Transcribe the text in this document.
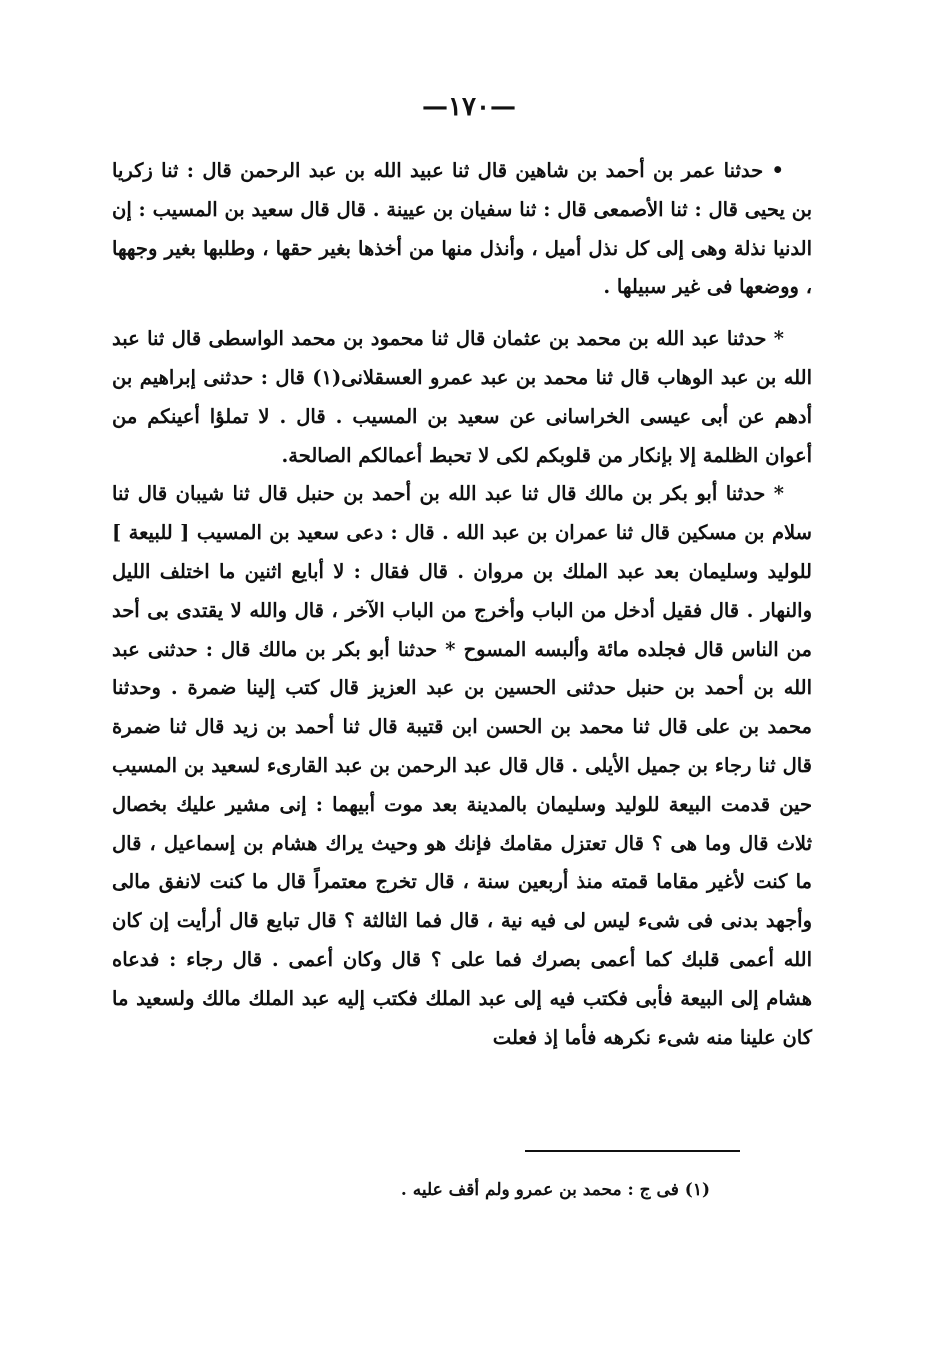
—١٧٠—

• حدثنا عمر بن أحمد بن شاهين قال ثنا عبيد الله بن عبد الرحمن قال : ثنا زكريا بن يحيى قال : ثنا الأصمعى قال : ثنا سفيان بن عيينة . قال قال سعيد بن المسيب : إن الدنيا نذلة وهى إلى كل نذل أميل ، وأنذل منها من أخذها بغير حقها ، وطلبها بغير وجهها ، ووضعها فى غير سبيلها .

* حدثنا عبد الله بن محمد بن عثمان قال ثنا محمود بن محمد الواسطى قال ثنا عبد الله بن عبد الوهاب قال ثنا محمد بن عبد عمرو العسقلانى(١) قال : حدثنى إبراهيم بن أدهم عن أبى عيسى الخراسانى عن سعيد بن المسيب . قال . لا تملؤا أعينكم من أعوان الظلمة إلا بإنكار من قلوبكم لكى لا تحبط أعمالكم الصالحة.

* حدثنا أبو بكر بن مالك قال ثنا عبد الله بن أحمد بن حنبل قال ثنا شيبان قال ثنا سلام بن مسكين قال ثنا عمران بن عبد الله . قال : دعى سعيد بن المسيب [ للبيعة ] للوليد وسليمان بعد عبد الملك بن مروان . قال فقال : لا أبايع اثنين ما اختلف الليل والنهار . قال فقيل أدخل من الباب وأخرج من الباب الآخر ، قال والله لا يقتدى بى أحد من الناس قال فجلده مائة وألبسه المسوح * حدثنا أبو بكر بن مالك قال : حدثنى عبد الله بن أحمد بن حنبل حدثنى الحسين بن عبد العزيز قال كتب إلينا ضمرة . وحدثنا محمد بن على قال ثنا محمد بن الحسن ابن قتيبة قال ثنا أحمد بن زيد قال ثنا ضمرة قال ثنا رجاء بن جميل الأيلى . قال قال عبد الرحمن بن عبد القارىء لسعيد بن المسيب حين قدمت البيعة للوليد وسليمان بالمدينة بعد موت أبيهما : إنى مشير عليك بخصال ثلاث قال وما هى ؟ قال تعتزل مقامك فإنك هو وحيث يراك هشام بن إسماعيل ، قال ما كنت لأغير مقاما قمته منذ أربعين سنة ، قال تخرج معتمراً قال ما كنت لانفق مالى وأجهد بدنى فى شىء ليس لى فيه نية ، قال فما الثالثة ؟ قال تبايع قال أرأيت إن كان الله أعمى قلبك كما أعمى بصرك فما على ؟ قال وكان أعمى . قال رجاء : فدعاه هشام إلى البيعة فأبى فكتب فيه إلى عبد الملك فكتب إليه عبد الملك مالك ولسعيد ما كان علينا منه شىء نكرهه فأما إذ فعلت

(١) فى ج : محمد بن عمرو ولم أقف عليه .
